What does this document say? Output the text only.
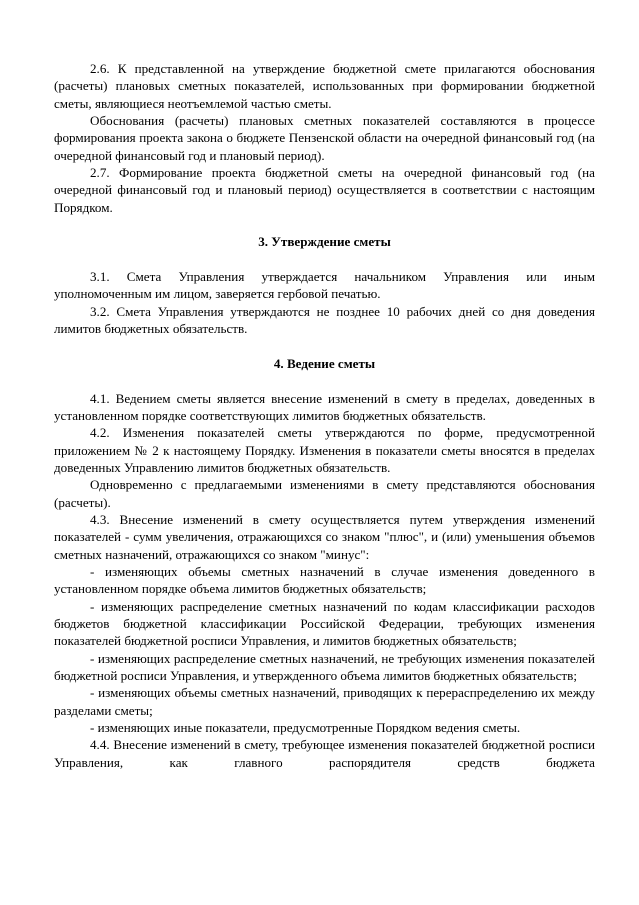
2.6. К представленной на утверждение бюджетной смете прилагаются обоснования (расчеты) плановых сметных показателей, использованных при формировании бюджетной сметы, являющиеся неотъемлемой частью сметы.

Обоснования (расчеты) плановых сметных показателей составляются в процессе формирования проекта закона о бюджете Пензенской области на очередной финансовый год (на очередной финансовый год и плановый период).

2.7. Формирование проекта бюджетной сметы на очередной финансовый год (на очередной финансовый год и плановый период) осуществляется в соответствии с настоящим Порядком.

3. Утверждение сметы

3.1. Смета Управления утверждается начальником Управления или иным уполномоченным им лицом, заверяется гербовой печатью.

3.2. Смета Управления утверждаются не позднее 10 рабочих дней со дня доведения лимитов бюджетных обязательств.

4. Ведение сметы

4.1. Ведением сметы является внесение изменений в смету в пределах, доведенных в установленном порядке соответствующих лимитов бюджетных обязательств.

4.2. Изменения показателей сметы утверждаются по форме, предусмотренной приложением № 2 к настоящему Порядку. Изменения в показатели сметы вносятся в пределах доведенных Управлению лимитов бюджетных обязательств.

Одновременно с предлагаемыми изменениями в смету представляются обоснования (расчеты).

4.3. Внесение изменений в смету осуществляется путем утверждения изменений показателей - сумм увеличения, отражающихся со знаком "плюс", и (или) уменьшения объемов сметных назначений, отражающихся со знаком "минус":

- изменяющих объемы сметных назначений в случае изменения доведенного в установленном порядке объема лимитов бюджетных обязательств;

- изменяющих распределение сметных назначений по кодам классификации расходов бюджетов бюджетной классификации Российской Федерации, требующих изменения показателей бюджетной росписи Управления, и лимитов бюджетных обязательств;

- изменяющих распределение сметных назначений, не требующих изменения показателей бюджетной росписи Управления, и утвержденного объема лимитов бюджетных обязательств;

- изменяющих объемы сметных назначений, приводящих к перераспределению их между разделами сметы;

- изменяющих иные показатели, предусмотренные Порядком ведения сметы.

4.4. Внесение изменений в смету, требующее изменения показателей бюджетной росписи Управления, как главного распорядителя средств бюджета
